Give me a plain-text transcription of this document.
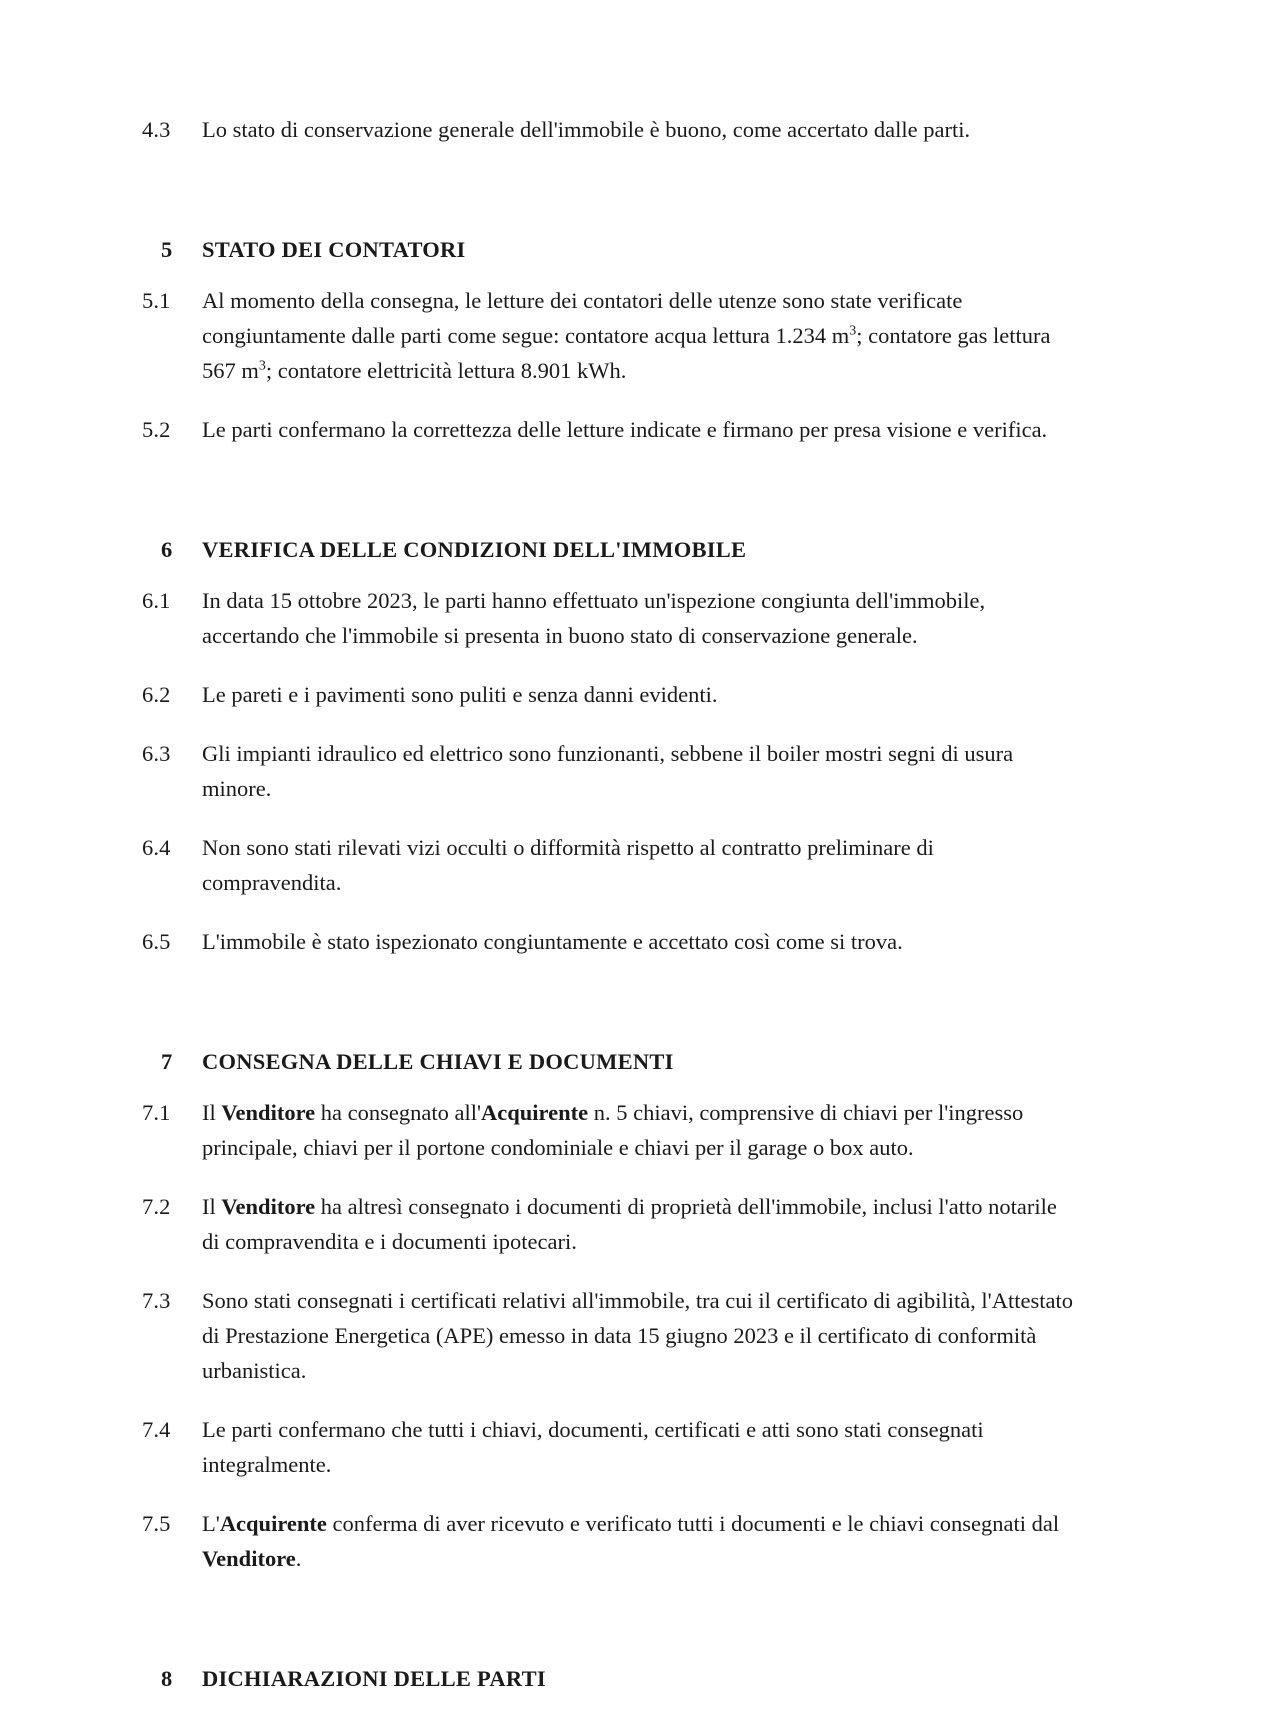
4.3	Lo stato di conservazione generale dell'immobile è buono, come accertato dalle parti.
5	STATO DEI CONTATORI
5.1	Al momento della consegna, le letture dei contatori delle utenze sono state verificate congiuntamente dalle parti come segue: contatore acqua lettura 1.234 $m^3$; contatore gas lettura 567 $m^3$; contatore elettricità lettura 8.901 kWh.
5.2	Le parti confermano la correttezza delle letture indicate e firmano per presa visione e verifica.
6	VERIFICA DELLE CONDIZIONI DELL'IMMOBILE
6.1	In data 15 ottobre 2023, le parti hanno effettuato un'ispezione congiunta dell'immobile, accertando che l'immobile si presenta in buono stato di conservazione generale.
6.2	Le pareti e i pavimenti sono puliti e senza danni evidenti.
6.3	Gli impianti idraulico ed elettrico sono funzionanti, sebbene il boiler mostri segni di usura minore.
6.4	Non sono stati rilevati vizi occulti o difformità rispetto al contratto preliminare di compravendita.
6.5	L'immobile è stato ispezionato congiuntamente e accettato così come si trova.
7	CONSEGNA DELLE CHIAVI E DOCUMENTI
7.1	Il Venditore ha consegnato all'Acquirente n. 5 chiavi, comprensive di chiavi per l'ingresso principale, chiavi per il portone condominiale e chiavi per il garage o box auto.
7.2	Il Venditore ha altresì consegnato i documenti di proprietà dell'immobile, inclusi l'atto notarile di compravendita e i documenti ipotecari.
7.3	Sono stati consegnati i certificati relativi all'immobile, tra cui il certificato di agibilità, l'Attestato di Prestazione Energetica (APE) emesso in data 15 giugno 2023 e il certificato di conformità urbanistica.
7.4	Le parti confermano che tutti i chiavi, documenti, certificati e atti sono stati consegnati integralmente.
7.5	L'Acquirente conferma di aver ricevuto e verificato tutti i documenti e le chiavi consegnati dal Venditore.
8	DICHIARAZIONI DELLE PARTI
